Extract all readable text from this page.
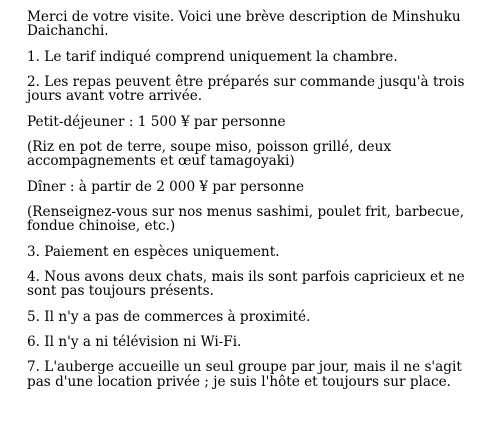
Merci de votre visite. Voici une brève description de Minshuku Daichanchi.

1. Le tarif indiqué comprend uniquement la chambre.

2. Les repas peuvent être préparés sur commande jusqu'à trois jours avant votre arrivée.

Petit-déjeuner : 1 500 ¥ par personne

(Riz en pot de terre, soupe miso, poisson grillé, deux accompagnements et œuf tamagoyaki)

Dîner : à partir de 2 000 ¥ par personne

(Renseignez-vous sur nos menus sashimi, poulet frit, barbecue, fondue chinoise, etc.)

3. Paiement en espèces uniquement.

4. Nous avons deux chats, mais ils sont parfois capricieux et ne sont pas toujours présents.

5. Il n'y a pas de commerces à proximité.

6. Il n'y a ni télévision ni Wi-Fi.

7. L'auberge accueille un seul groupe par jour, mais il ne s'agit pas d'une location privée ; je suis l'hôte et toujours sur place.
